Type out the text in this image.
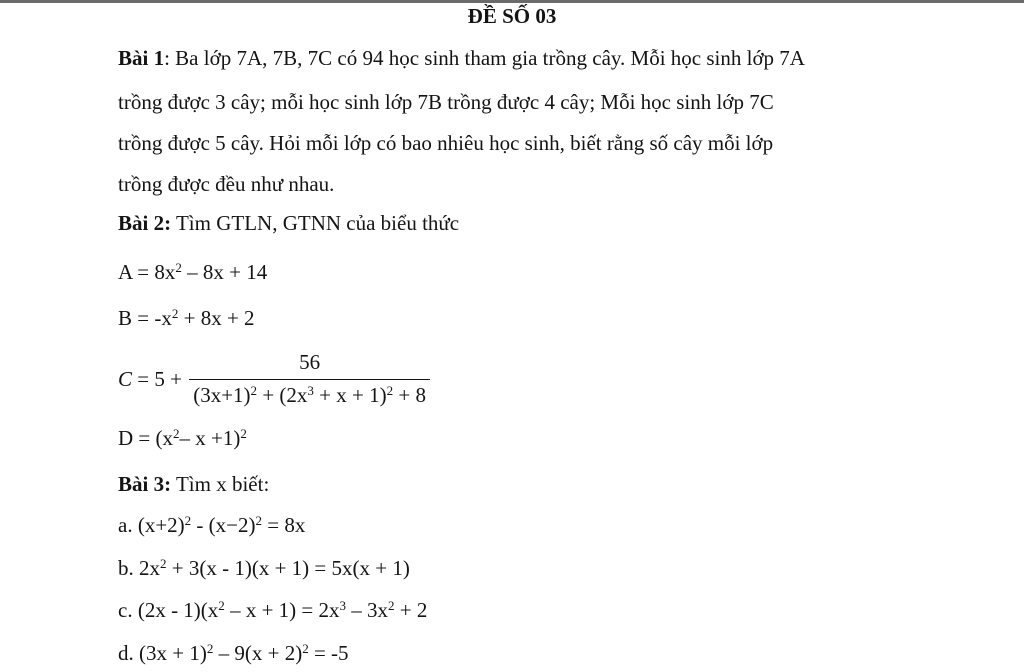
ĐỀ SỐ 03
Bài 1: Ba lớp 7A, 7B, 7C có 94 học sinh tham gia trồng cây. Mỗi học sinh lớp 7A
trồng được 3 cây; mỗi học sinh lớp 7B trồng được 4 cây; Mỗi học sinh lớp 7C
trồng được 5 cây. Hỏi mỗi lớp có bao nhiêu học sinh, biết rằng số cây mỗi lớp
trồng được đều như nhau.
Bài 2: Tìm GTLN, GTNN của biểu thức
$A = 8x^2 - 8x + 14$
$B = -x^2 + 8x + 2$
$C = 5 + \frac{56}{(3x+1)^2 + (2x^3 + x + 1)^2 + 8}$
$D = (x^2-$ x +1)$^2$
Bài 3: Tìm x biết:
a. $(x+2)^2 - (x-2)^2 = 8x$
b. $2x^2 + 3(x - 1)(x + 1) = 5x(x + 1)$
c. $(2x - 1)(x^2 - x + 1) = 2x^3 - 3x^2 + 2$
d. $(3x + 1)^2 - 9(x + 2)^2 = -5$
